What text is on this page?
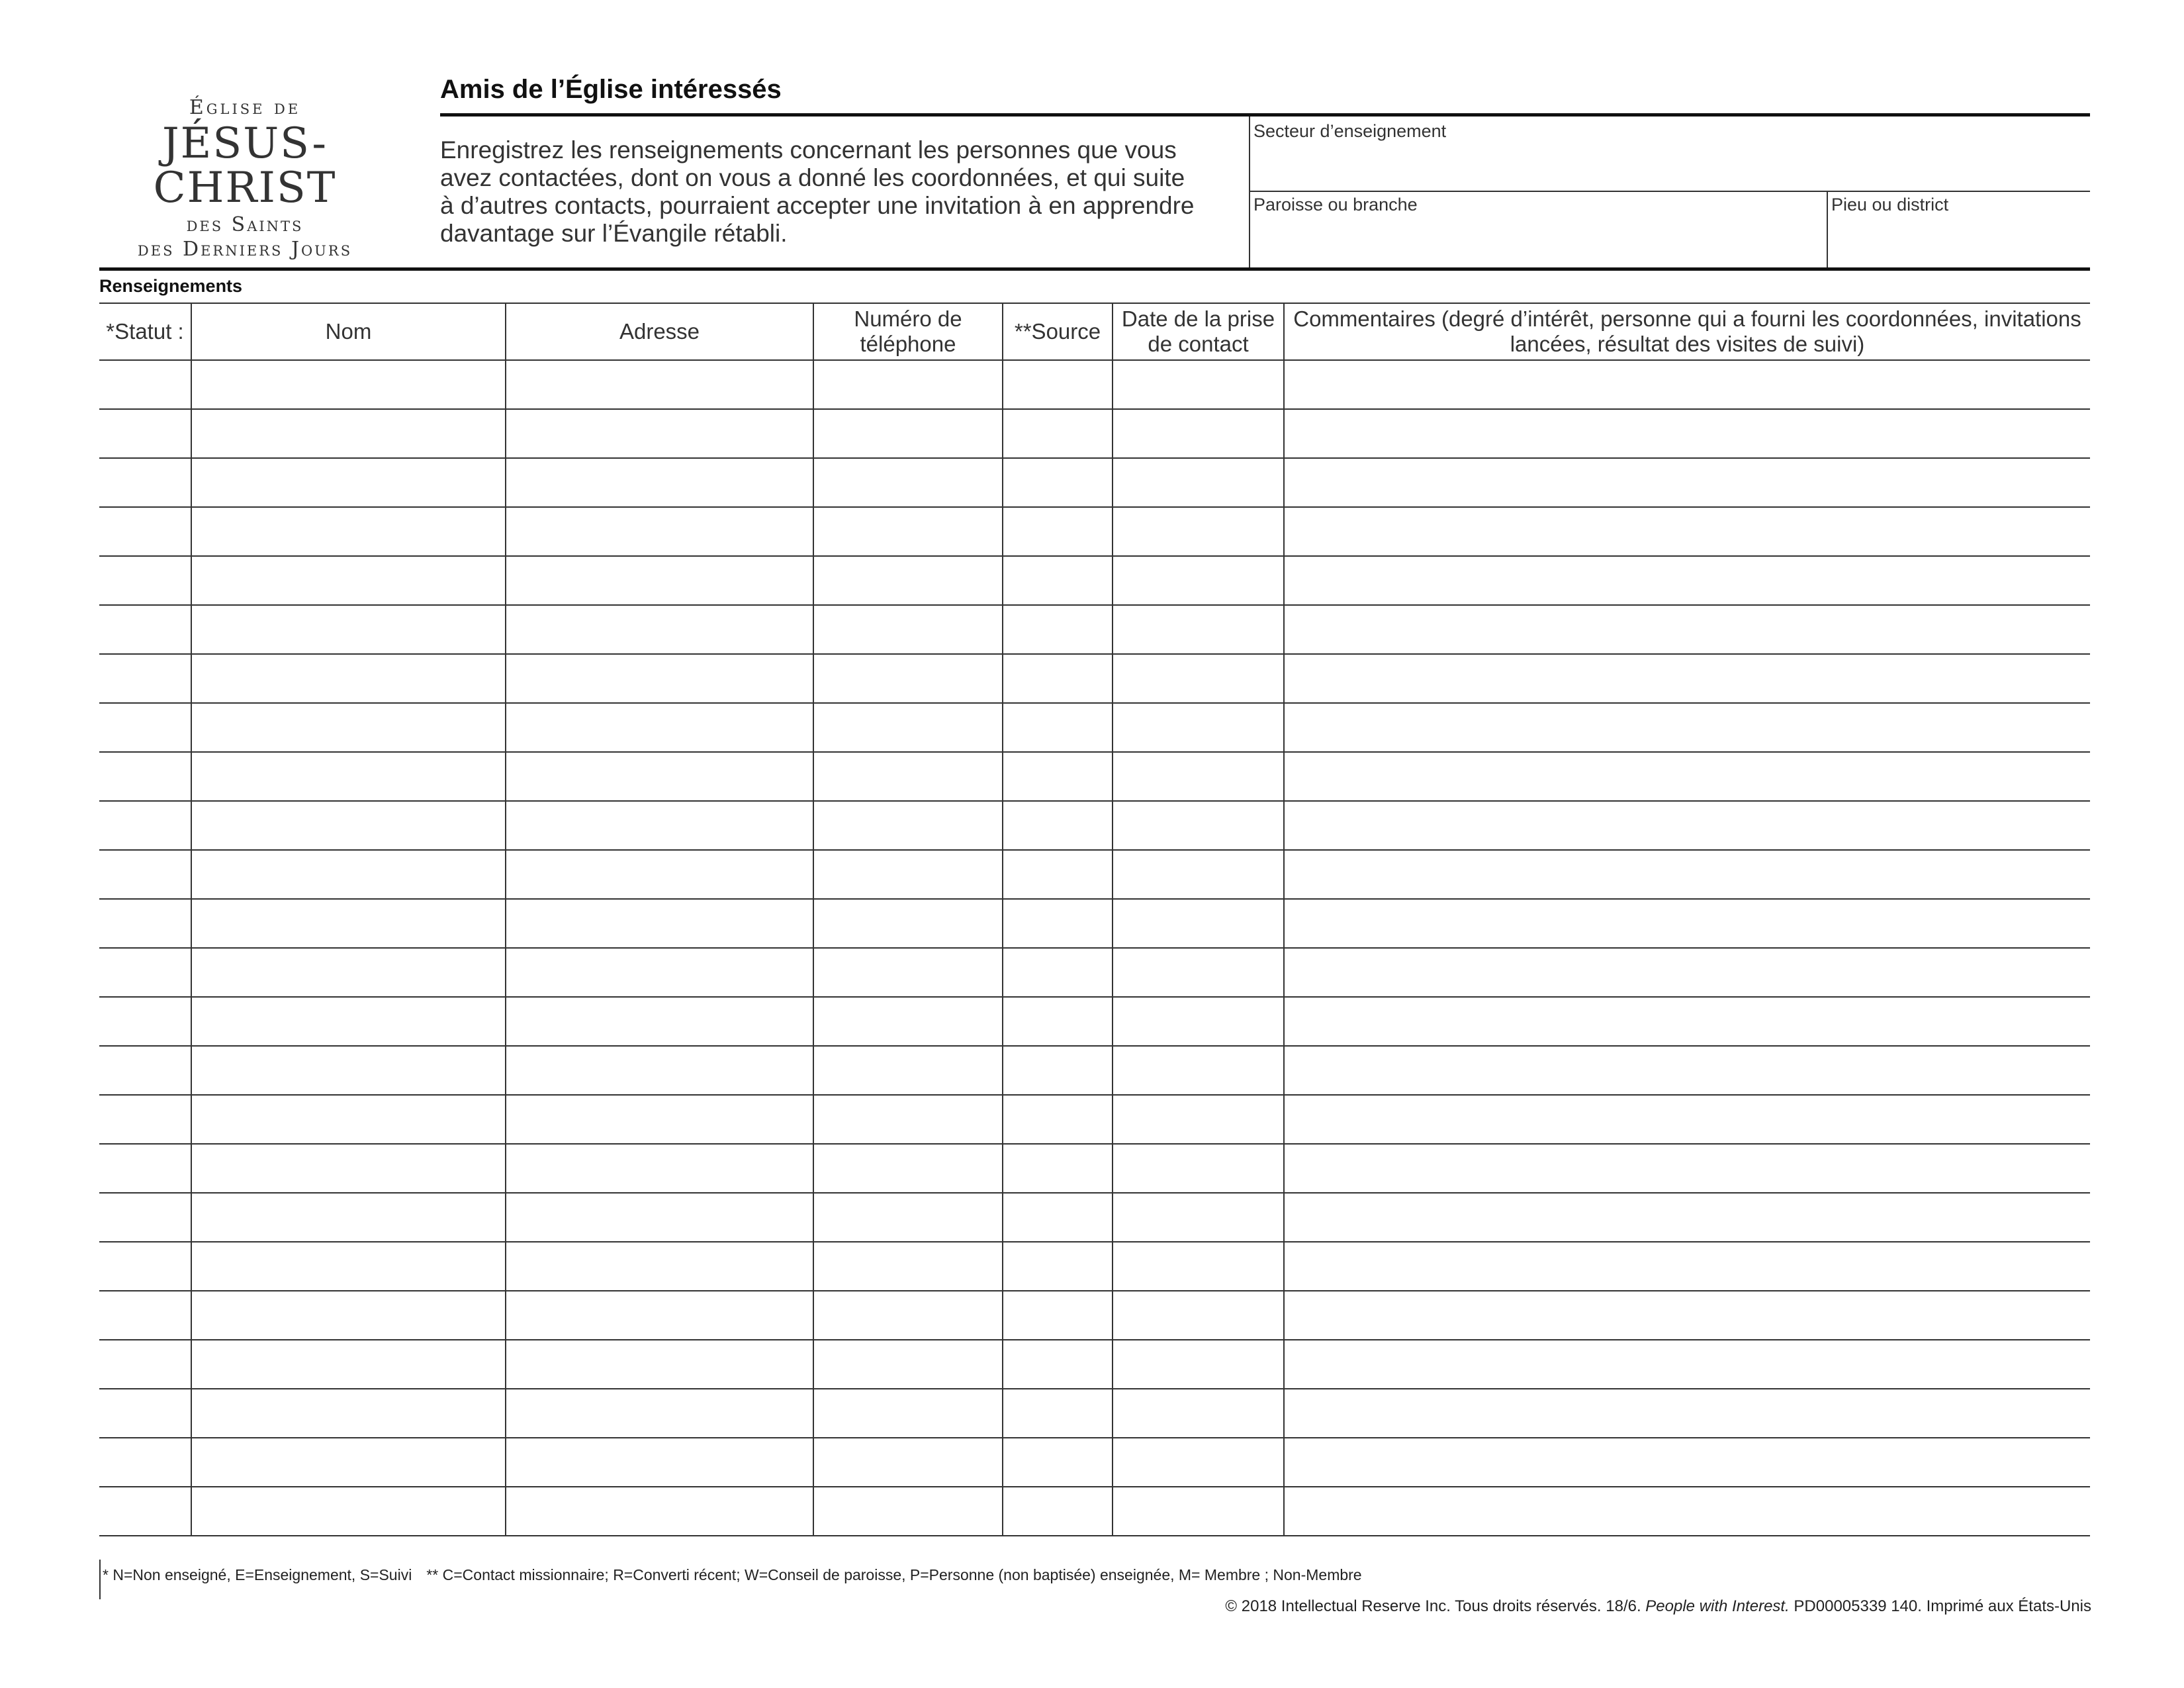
Église de
JÉSUS-CHRIST
des Saints
des Derniers Jours
Amis de l’Église intéressés
Enregistrez les renseignements concernant les personnes que vous
avez contactées, dont on vous a donné les coordonnées, et qui suite
à d’autres contacts, pourraient accepter une invitation à en apprendre
davantage sur l’Évangile rétabli.
Secteur d’enseignement
Paroisse ou branche	Pieu ou district
Renseignements
*Statut :	Nom	Adresse	Numéro de téléphone	**Source	Date de la prise de contact	Commentaires (degré d’intérêt, personne qui a fourni les coordonnées, invitations lancées, résultat des visites de suivi)

* N=Non enseigné, E=Enseignement, S=Suivi ** C=Contact missionnaire; R=Converti récent; W=Conseil de paroisse, P=Personne (non baptisée) enseignée, M= Membre ; Non-Membre
© 2018 Intellectual Reserve Inc. Tous droits réservés. 18/6. People with Interest. PD00005339 140. Imprimé aux États-Unis
